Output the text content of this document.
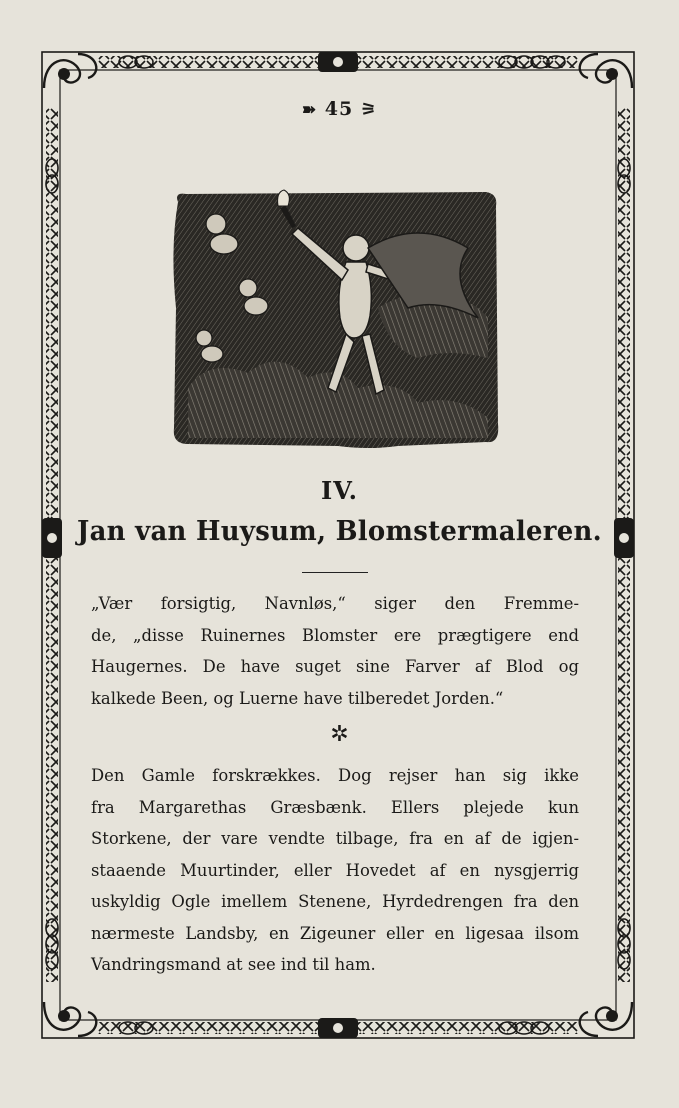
➽ 45 ⚞
IV.
Jan van Huysum, Blomstermaleren.
„Vær forsigtig, Navnløs,“ siger den Fremme-
de, „disse Ruinernes Blomster ere prægtigere end
Haugernes. De have suget sine Farver af Blod og
kalkede Been, og Luerne have tilberedet Jorden.“
✲
Den Gamle forskrækkes. Dog rejser han sig ikke
fra Margarethas Græsbænk. Ellers plejede kun
Storkene, der vare vendte tilbage, fra en af de igjen-
staaende Muurtinder, eller Hovedet af en nysgjerrig
uskyldig Ogle imellem Stenene, Hyrdedrengen fra den
nærmeste Landsby, en Zigeuner eller en ligesaa ilsom
Vandringsmand at see ind til ham.
